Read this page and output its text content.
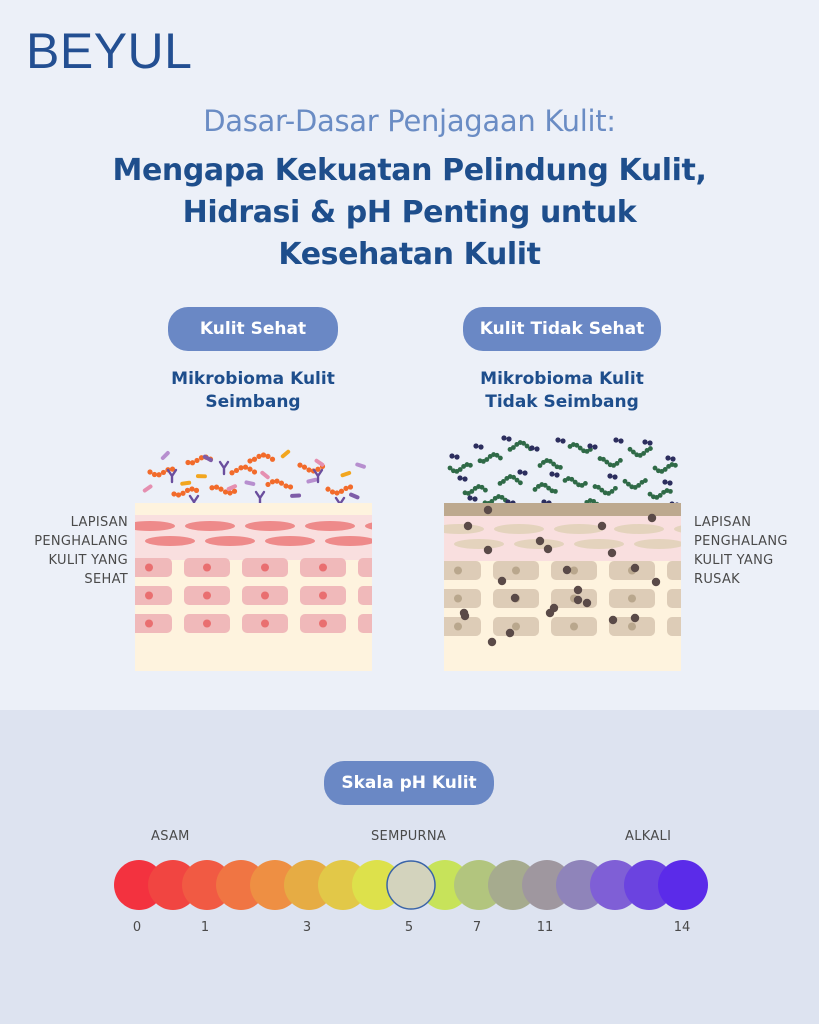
BEYUL
Dasar-Dasar Penjagaan Kulit:
Mengapa Kekuatan Pelindung Kulit,
Hidrasi & pH Penting untuk
Kesehatan Kulit
Kulit Sehat
Mikrobioma Kulit
Seimbang
LAPISAN
PENGHALANG
KULIT YANG
SEHAT
Kulit Tidak Sehat
Mikrobioma Kulit
Tidak Seimbang
LAPISAN
PENGHALANG
KULIT YANG
RUSAK
Skala pH Kulit
ASAM	SEMPURNA	ALKALI
0	1	3	5	7	11	14
